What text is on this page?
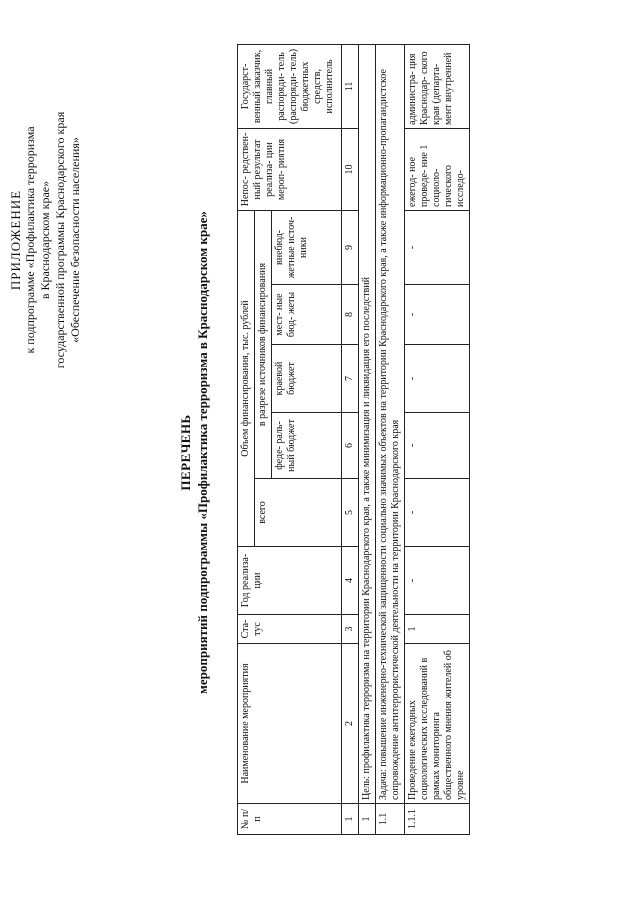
ПРИЛОЖЕНИЕ к подпрограмме «Профилактика терроризма в Краснодарском крае» государственной программы Краснодарского края «Обеспечение безопасности населения»
ПЕРЕЧЕНЬ мероприятий подпрограммы «Профилактика терроризма в Краснодарском крае»
№ п/п	Наименование мероприятия	Ста- тус	Год реализа- ции	Объем финансирования, тыс. рублей					Непос- редствен- ный результат реализа- ции мероп- риятия	Государст- венный заказчик, главный распоряди- тель (распоряди- тель) бюджетных средств, исполнитель
				всего	в разрезе источников финансирования					
					феде- раль- ный бюджет	краевой бюджет	мест- ные бюд- жеты	внебюд- жетные источ- ники		
1	2	3	4	5	6	7	8	9	10	11
1	Цель: профилактика терроризма на территории Краснодарского края, а также минимизация и ликвидация его последствий									
1.1	Задача: повышение инженерно-технической защищенности социально значимых объектов на территории Краснодарского края, а также информационно-пропагандистское сопровождение антитеррористической деятельности на территории Краснодарского края									
1.1.1	Проведение ежегодных социологических исследований в рамках мониторинга общественного мнения жителей об уровне	1	-	-	-	-	-	-	ежегод- ное проведе- ние 1 социоло- гического исследо-	администра- ция Краснодар- ского края (департа- мент внутренней
